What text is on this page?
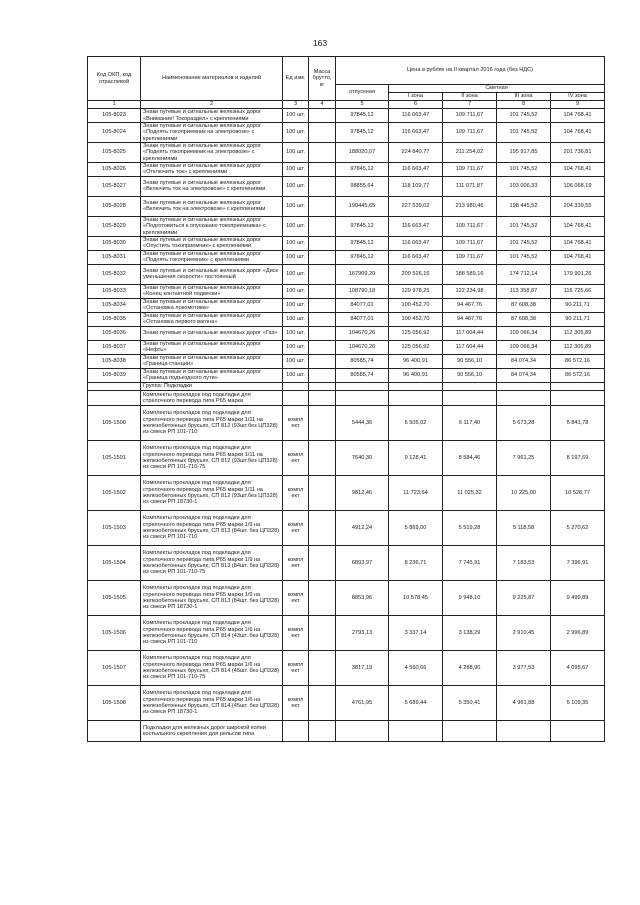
163
Код ОКП, код отраслевой	Наименование материалов и изделий	Ед изм.	Масса брутто, кг	Цена в рублях на II квартал 2016 года (без НДС)				
				отпускная	Сметная			
					I зона	II зона	III зона	IV зона
1	2	3	4	5	6	7	8	9
105-8023	Знаки путевые и сигнальные железных дорог «Внимание! Токораздел» с креплениями	100 шт.		97845,12	116 663,47	109 711,67	101 745,52	104 768,41
105-8024	Знаки путевые и сигнальные железных дорог «Поднять токоприемник на электровозе» с креплениями	100 шт.		97845,12	116 663,47	109 711,67	101 745,52	104 768,41
105-8025	Знаки путевые и сигнальные железных дорог «Поднять токоприемник на электровозе» с креплениями	100 шт.		188020,07	224 840,77	211 254,02	195 917,85	201 736,81
105-8026	Знаки путевые и сигнальные железных дорог «Отключить ток» с креплениями	100 шт.		97845,12	116 663,47	109 711,67	101 745,52	104 768,41
105-8027	Знаки путевые и сигнальные железных дорог «Включить ток на электровозе» с креплениями	100 шт.		98855,64	118 109,77	111 071,87	103 006,33	106 068,19
105-8028	Знаки путевые и сигнальные железных дорог «Включить ток на электровозе» с креплениями	100 шт.		190445,65	227 539,02	213 980,46	198 445,52	204 339,55
105-8029	Знаки путевые и сигнальные железных дорог «Подготовиться к опусканию токоприемника» с креплениями	100 шт.		97845,12	116 663,47	109 711,67	101 745,52	104 768,41
105-8030	Знаки путевые и сигнальные железных дорог «Опустить токоприемник» с креплениями	100 шт.		97845,12	116 663,47	109 711,67	101 745,52	104 768,41
105-8031	Знаки путевые и сигнальные железных дорог «Поднять токоприемник» с креплениями	100 шт.		97845,12	116 663,47	109 711,67	101 745,52	104 768,41
105-8032	Знаки путевые и сигнальные железных дорог «Диск уменьшения скорости» постоянный	100 шт.		167909,20	200 526,16	188 589,16	174 712,14	179 901,26
105-8033	Знаки путевые и сигнальные железных дорог «Конец контактной подвески»	100 шт.		108790,18	129 978,25	122 234,98	113 358,87	116 725,66
105-8034	Знаки путевые и сигнальные железных дорог «Остановка локомотива»	100 шт.		84077,01	100 452,70	94 467,76	87 608,38	90 211,71
105-8035	Знаки путевые и сигнальные железных дорог «Остановка первого вагона»	100 шт.		84077,01	100 452,70	94 467,76	87 608,38	90 211,71
105-8036	Знаки путевые и сигнальные железных дорог «Газ»	100 шт.		104670,26	125 056,92	117 604,44	109 066,34	112 305,89
105-8037	Знаки путевые и сигнальные железных дорог «Нефть»	100 шт.		104670,26	125 056,92	117 604,44	109 066,34	112 305,89
105-8038	Знаки путевые и сигнальные железных дорог «Граница станции»	100 шт.		80585,74	96 400,91	90 556,10	84 074,34	86 572,16
105-8039	Знаки путевые и сигнальные железных дорог «Граница подъездного пути»	100 шт.		80585,74	96 400,91	90 556,10	84 074,34	86 572,16
	Группа: Подкладки							
	Комплекты прокладок под подкладки для стрелочного перевода типа Р65 марки							
105-1500	Комплекты прокладок под подкладки для стрелочного перевода типа Р65 марки 1/11 на железобетонных брусьях, СП 812 (93шт.без ЦП328) из смеси РП 101-710	компл ект		5444,36	6 505,02	6 117,40	5 673,28	5 841,78
105-1501	Комплекты прокладок под подкладки для стрелочного перевода типа Р65 марки 1/11 на железобетонных брусьях, СП 812 (93шт.без ЦП328) из смеси РП 101-710-75	компл ект		7640,30	9 128,41	8 584,46	7 961,25	8 197,69
105-1502	Комплекты прокладок под подкладки для стрелочного перевода типа Р65 марки 1/11 на железобетонных брусьях, СП 812 (93шт.без ЦП328) из смеси РП 18730-1	компл ект		9812,46	11 723,64	11 025,32	10 225,00	10 528,77
105-1503	Комплекты прокладок под подкладки для стрелочного перевода типа Р65 марки 1/9 на железобетонных брусьях, СП 813 (84шт. без ЦП328) из смеси РП 101-710	компл ект		4912,24	5 869,00	5 519,28	5 118,58	5 270,62
105-1504	Комплекты прокладок под подкладки для стрелочного перевода типа Р65 марки 1/9 на железобетонных брусьях, СП 813 (84шт. без ЦП328) из смеси РП 101-710-75	компл ект		6893,97	8 236,71	7 745,91	7 183,53	7 396,91
105-1505	Комплекты прокладок под подкладки для стрелочного перевода типа Р65 марки 1/9 на железобетонных брусьях, СП 813 (84шт. без ЦП328) из смеси РП 18730-1	компл ект		8853,96	10 578,45	9 948,10	9 225,87	9 499,89
105-1506	Комплекты прокладок под подкладки для стрелочного перевода типа Р65 марки 1/6 на железобетонных брусьях, СП 814 (43шт. без ЦП328) из смеси РП 101-710	компл ект		2793,13	3 337,14	3 138,29	2 910,45	2 996,89
105-1507	Комплекты прокладок под подкладки для стрелочного перевода типа Р65 марки 1/6 на железобетонных брусьях, СП 814 (45шт. без ЦП328) из смеси РП 101-710-75	компл ект		3817,19	4 560,66	4 288,90	3 977,53	4 095,67
105-1508	Комплекты прокладок под подкладки для стрелочного перевода типа Р65 марки 1/6 на железобетонных брусьях, СП 814 (45шт. без ЦП328) из смеси РП 18730-1	компл ект		4761,95	5 689,44	5 350,41	4 961,88	5 109,35
	Подкладки для железных дорог широкой колеи костыльного скрепления для рельсов типа							
